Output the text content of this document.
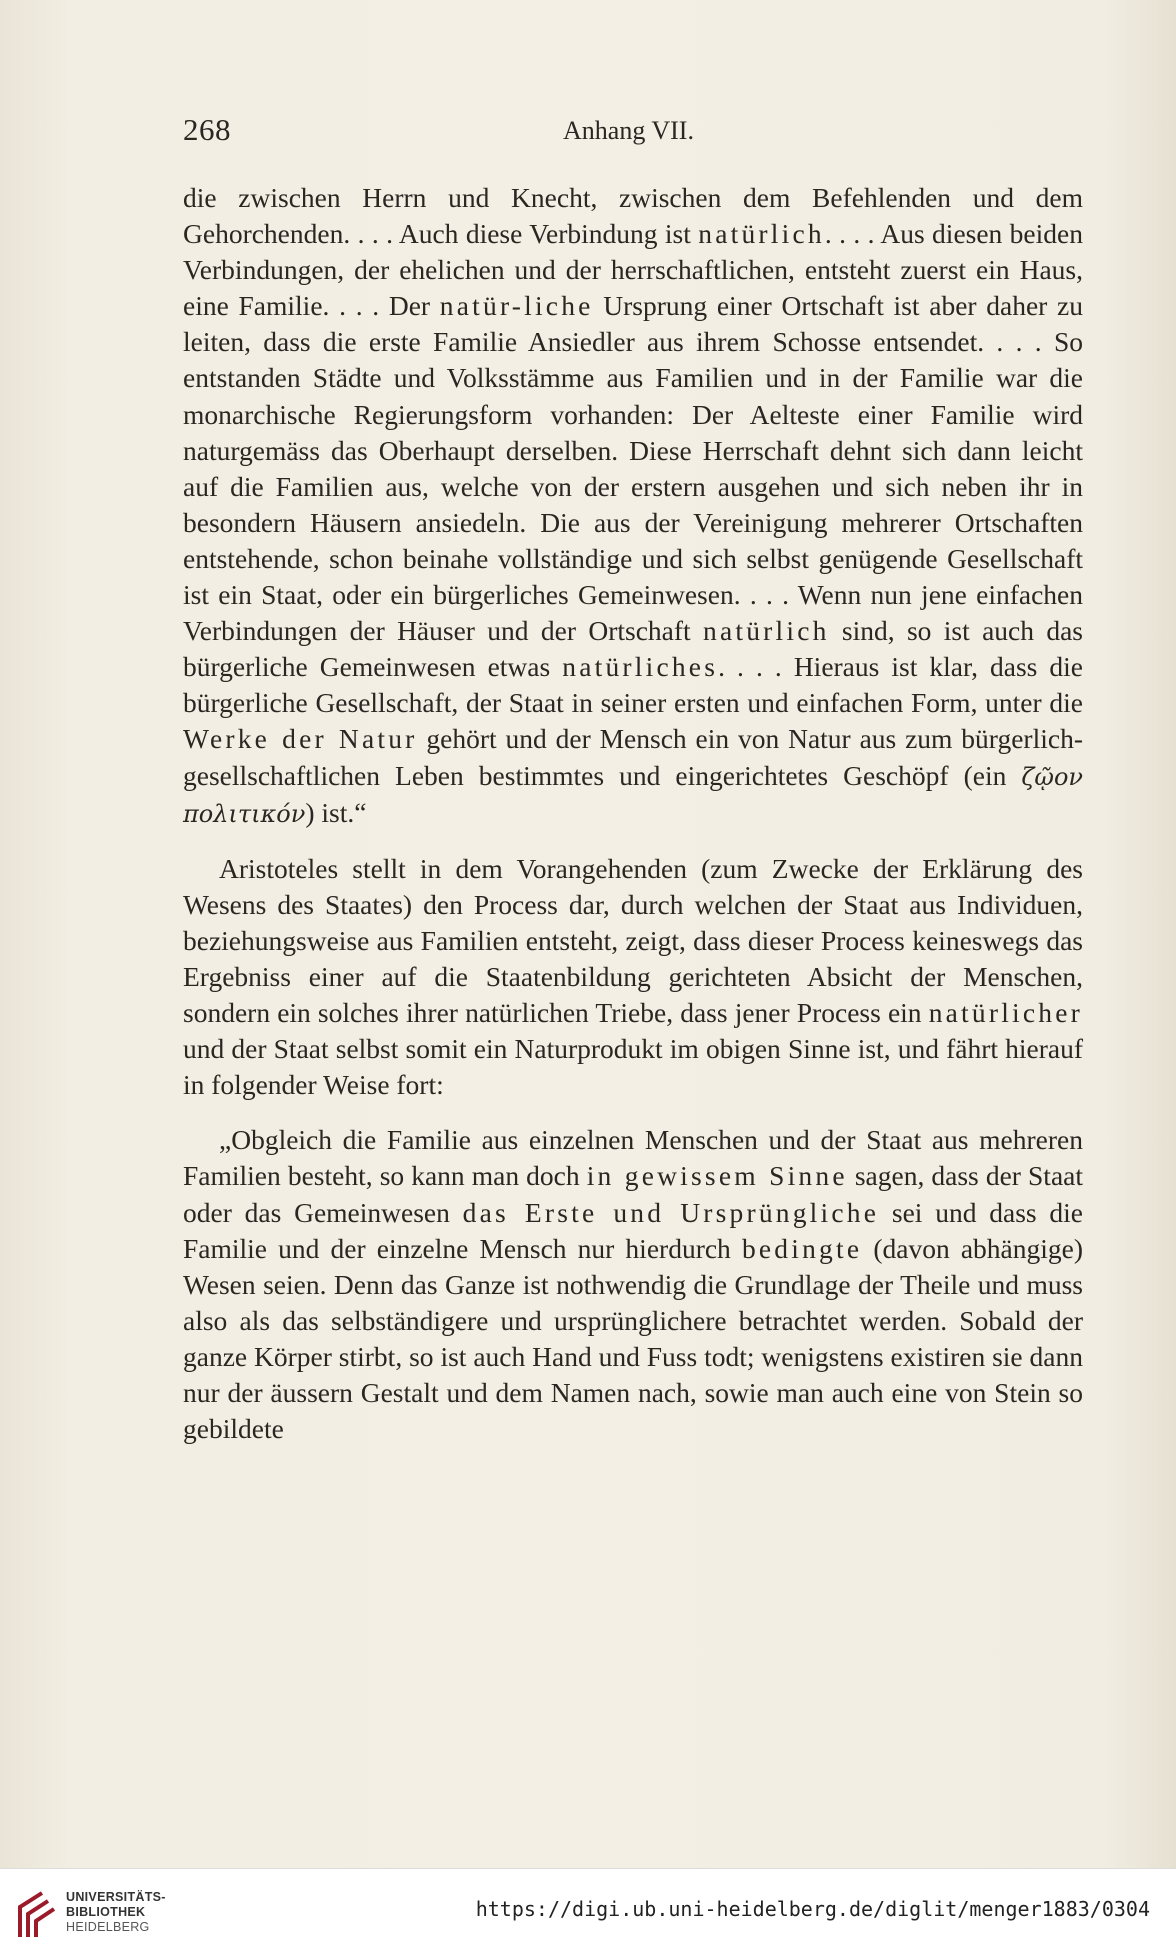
268	Anhang VII.

die zwischen Herrn und Knecht, zwischen dem Befehlenden und dem Gehorchenden. . . . Auch diese Verbindung ist natürlich. . . . Aus diesen beiden Verbindungen, der ehelichen und der herrschaftlichen, entsteht zuerst ein Haus, eine Familie. . . . Der natür-liche Ursprung einer Ortschaft ist aber daher zu leiten, dass die erste Familie Ansiedler aus ihrem Schosse entsendet. . . . So entstanden Städte und Volksstämme aus Familien und in der Familie war die monarchische Regierungsform vorhanden: Der Aelteste einer Familie wird naturgemäss das Oberhaupt derselben. Diese Herrschaft dehnt sich dann leicht auf die Familien aus, welche von der erstern ausgehen und sich neben ihr in besondern Häusern ansiedeln. Die aus der Vereinigung mehrerer Ortschaften entstehende, schon beinahe vollständige und sich selbst genügende Gesellschaft ist ein Staat, oder ein bürgerliches Gemeinwesen. . . . Wenn nun jene einfachen Verbindungen der Häuser und der Ortschaft natürlich sind, so ist auch das bürgerliche Gemeinwesen etwas natürliches. . . . Hieraus ist klar, dass die bürgerliche Gesellschaft, der Staat in seiner ersten und einfachen Form, unter die Werke der Natur gehört und der Mensch ein von Natur aus zum bürgerlich-gesellschaftlichen Leben bestimmtes und eingerichtetes Geschöpf (ein ζῷον πολιτικόν) ist.“

Aristoteles stellt in dem Vorangehenden (zum Zwecke der Erklärung des Wesens des Staates) den Process dar, durch welchen der Staat aus Individuen, beziehungsweise aus Familien entsteht, zeigt, dass dieser Process keineswegs das Ergebniss einer auf die Staatenbildung gerichteten Absicht der Menschen, sondern ein solches ihrer natürlichen Triebe, dass jener Process ein natürlicher und der Staat selbst somit ein Naturprodukt im obigen Sinne ist, und fährt hierauf in folgender Weise fort:

„Obgleich die Familie aus einzelnen Menschen und der Staat aus mehreren Familien besteht, so kann man doch in gewissem Sinne sagen, dass der Staat oder das Gemeinwesen das Erste und Ursprüngliche sei und dass die Familie und der einzelne Mensch nur hierdurch bedingte (davon abhängige) Wesen seien. Denn das Ganze ist nothwendig die Grundlage der Theile und muss also als das selbständigere und ursprünglichere betrachtet werden. Sobald der ganze Körper stirbt, so ist auch Hand und Fuss todt; wenigstens existiren sie dann nur der äussern Gestalt und dem Namen nach, sowie man auch eine von Stein so gebildete

UNIVERSITÄTS-
BIBLIOTHEK
HEIDELBERG
https://digi.ub.uni-heidelberg.de/diglit/menger1883/0304
